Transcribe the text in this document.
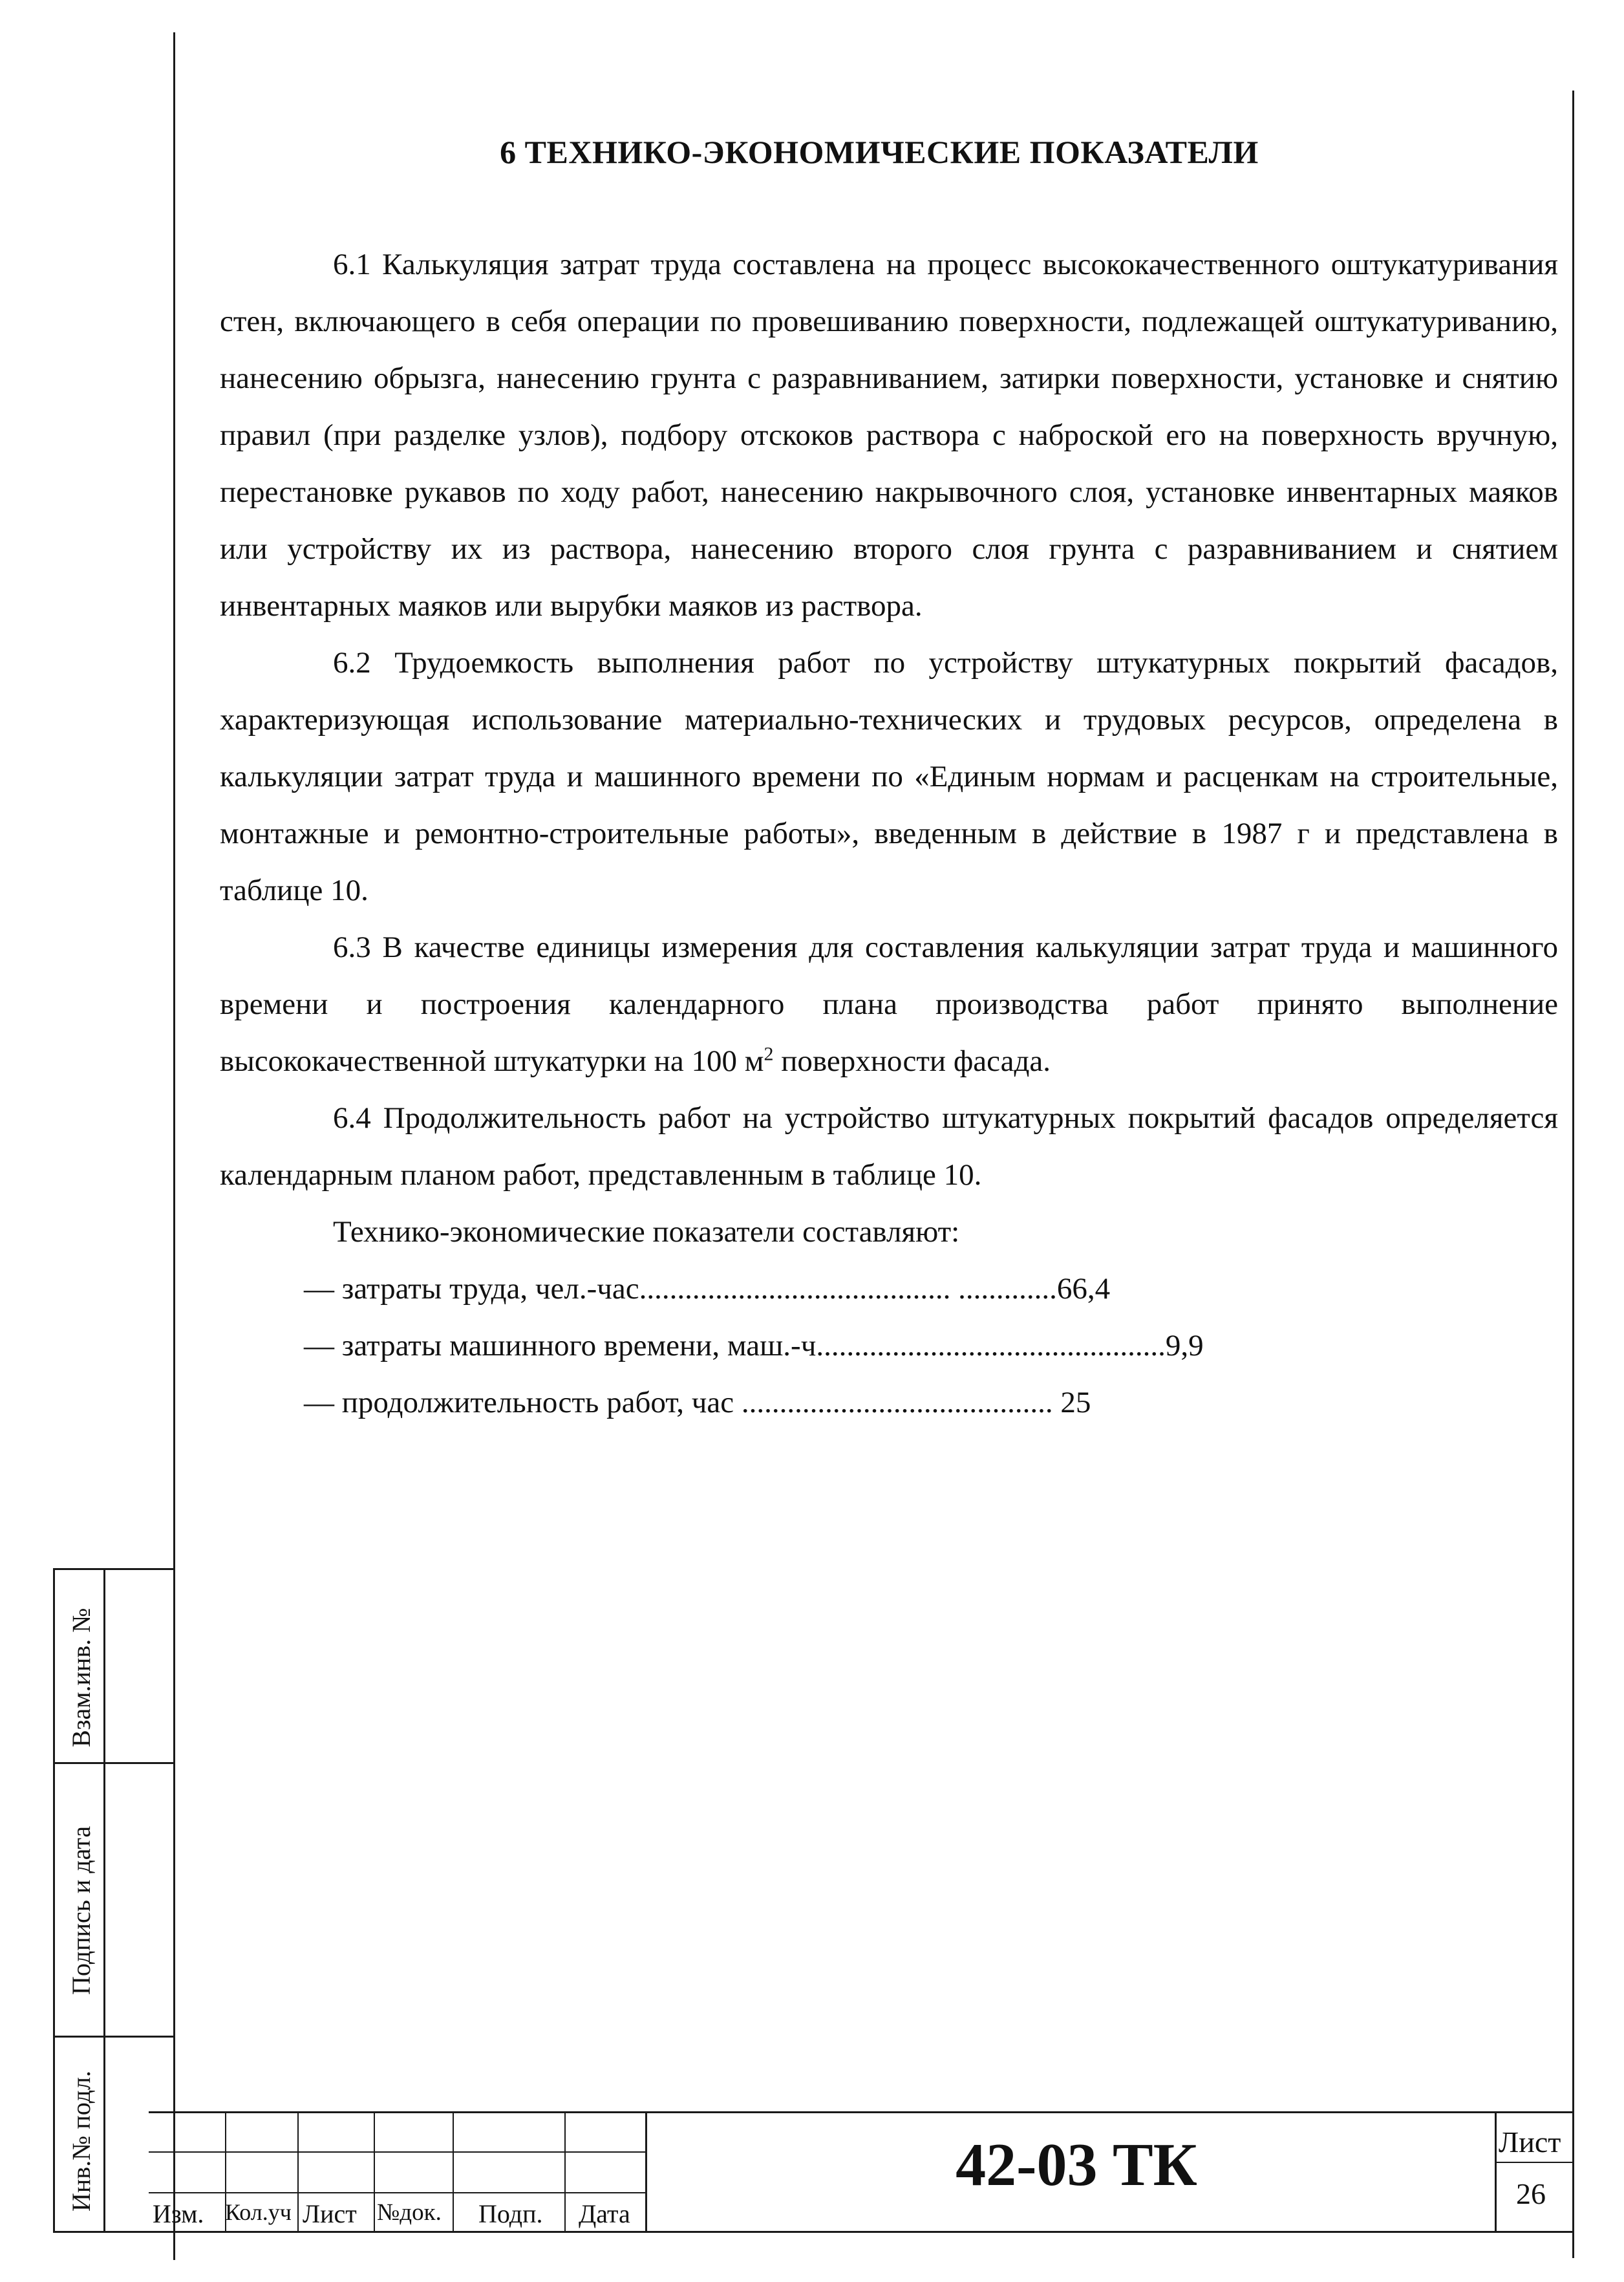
Взам.инв. №
Подпись и дата
Инв.№ подл.
Изм. Кол.уч Лист №док. Подп. Дата
42-03 ТК	Лист
26
6 ТЕХНИКО-ЭКОНОМИЧЕСКИЕ ПОКАЗАТЕЛИ

6.1 Калькуляция затрат труда составлена на процесс высококачественного оштукатуривания стен, включающего в себя операции по провешиванию поверхности, подлежащей оштукатуриванию, нанесению обрызга, нанесению грунта с разравниванием, затирки поверхности, установке и снятию правил (при разделке узлов), подбору отскоков раствора с наброской его на поверхность вручную, перестановке рукавов по ходу работ, нанесению накрывочного слоя, установке инвентарных маяков или устройству их из раствора, нанесению второго слоя грунта с разравниванием и снятием инвентарных маяков или вырубки маяков из раствора.

6.2 Трудоемкость выполнения работ по устройству штукатурных покрытий фасадов, характеризующая использование материально-технических и трудовых ресурсов, определена в калькуляции затрат труда и машинного времени по «Единым нормам и расценкам на строительные, монтажные и ремонтно-строительные работы», введенным в действие в 1987 г и представлена в таблице 10.

6.3 В качестве единицы измерения для составления калькуляции затрат труда и машинного времени и построения календарного плана производства работ принято выполнение высококачественной штукатурки на 100 $м^2$ поверхности фасада.

6.4 Продолжительность работ на устройство штукатурных покрытий фасадов определяется календарным планом работ, представленным в таблице 10.

Технико-экономические показатели составляют:

— затраты труда, чел.-час......................................... .............66,4

— затраты машинного времени, маш.-ч..............................................9,9

— продолжительность работ, час ......................................... 25
